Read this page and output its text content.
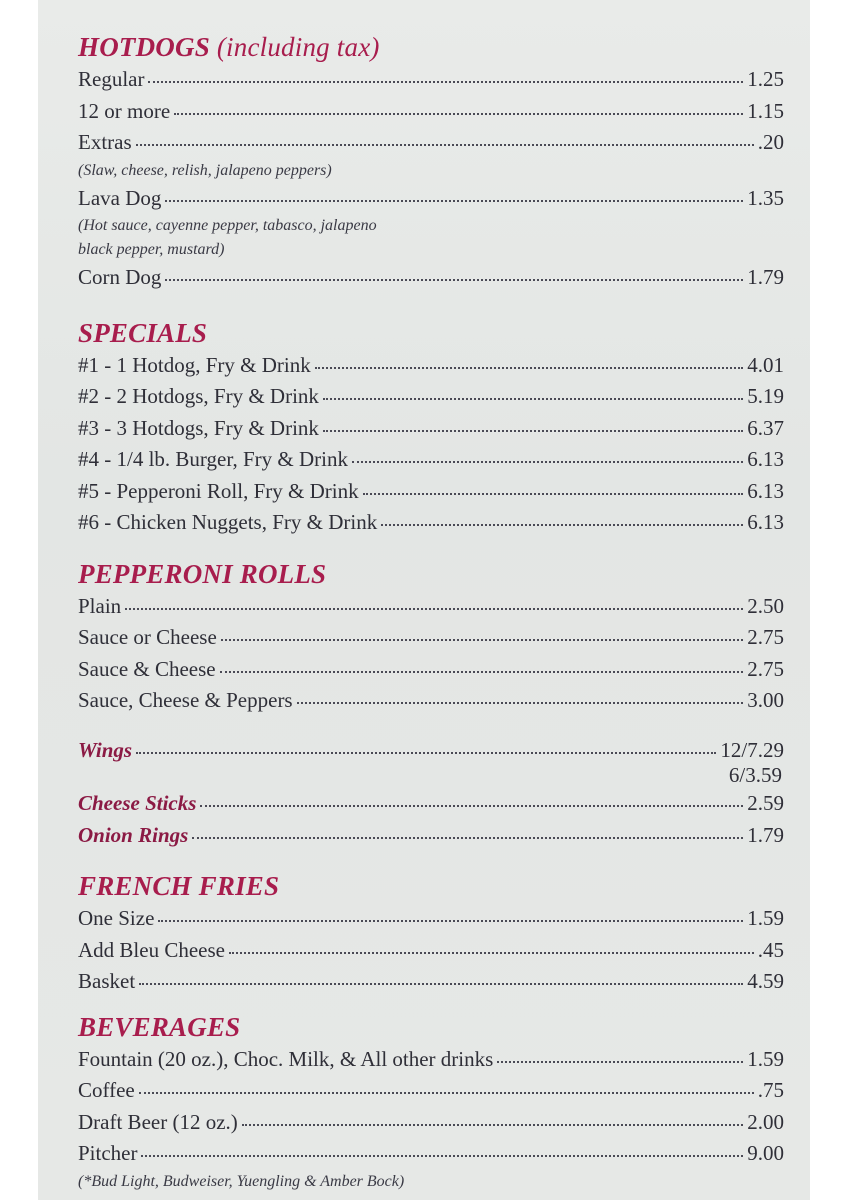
HOTDOGS (including tax)
Regular	1.25
12 or more	1.15
Extras	.20
(Slaw, cheese, relish, jalapeno peppers)
Lava Dog	1.35
(Hot sauce, cayenne pepper, tabasco, jalapeno
black pepper, mustard)
Corn Dog	1.79
SPECIALS
#1 - 1 Hotdog, Fry & Drink	4.01
#2 - 2 Hotdogs, Fry & Drink	5.19
#3 - 3 Hotdogs, Fry & Drink	6.37
#4 - 1/4 lb. Burger, Fry & Drink	6.13
#5 - Pepperoni Roll, Fry & Drink	6.13
#6 - Chicken Nuggets, Fry & Drink	6.13
PEPPERONI ROLLS
Plain	2.50
Sauce or Cheese	2.75
Sauce & Cheese	2.75
Sauce, Cheese & Peppers	3.00
Wings	12/7.29
6/3.59
Cheese Sticks	2.59
Onion Rings	1.79
FRENCH FRIES
One Size	1.59
Add Bleu Cheese	.45
Basket	4.59
BEVERAGES
Fountain (20 oz.), Choc. Milk, & All other drinks	1.59
Coffee	.75
Draft Beer (12 oz.)	2.00
Pitcher	9.00
(*Bud Light, Budweiser, Yuengling & Amber Bock)
